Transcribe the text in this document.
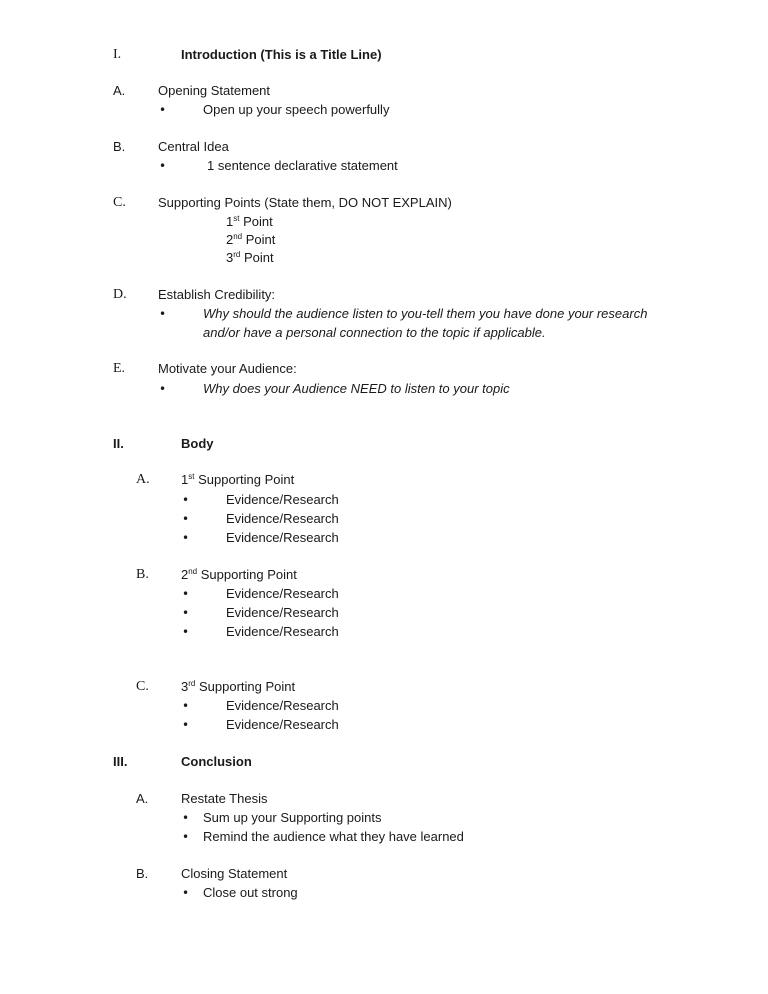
I.	Introduction (This is a Title Line)
A.	Opening Statement
•	Open up your speech powerfully
B.	Central Idea
•	1 sentence declarative statement
C. Supporting Points (State them, DO NOT EXPLAIN)
1st Point
2nd Point
3rd Point
D. Establish Credibility:
•	Why should the audience listen to you-tell them you have done your research
and/or have a personal connection to the topic if applicable.
E.	Motivate your Audience:
•	Why does your Audience NEED to listen to your topic
II.	Body
A. 1st Supporting Point
•	Evidence/Research
•	Evidence/Research
•	Evidence/Research
B. 2nd Supporting Point
•	Evidence/Research
•	Evidence/Research
•	Evidence/Research
C. 3rd Supporting Point
•	Evidence/Research
•	Evidence/Research
III.	Conclusion
A.	Restate Thesis
• Sum up your Supporting points
• Remind the audience what they have learned
B.	Closing Statement
• Close out strong
